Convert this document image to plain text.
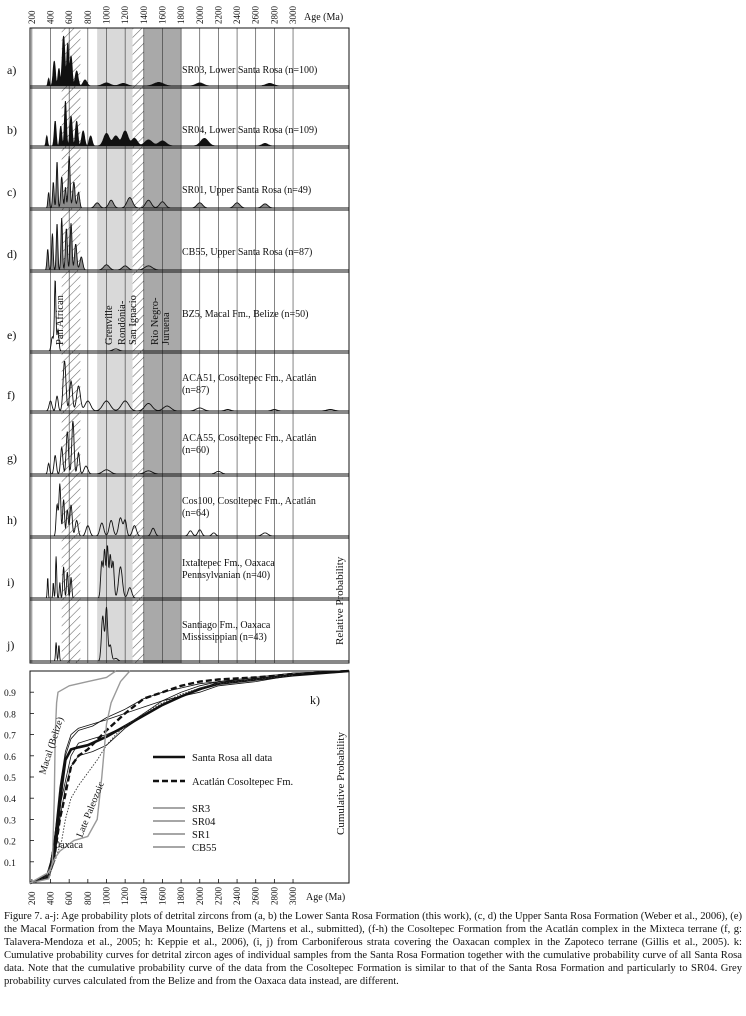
200 400 600 800 1000 1200 1400 1600 1800 2000 2200 2400 2600 2800 3000 Age (Ma)
Pan African	Grenville Rondônia- San Ignacio Rio Negro- Juruena
a)	SR03, Lower Santa Rosa (n=100)
b)	SR04, Lower Santa Rosa (n=109)
c)	SR01, Upper Santa Rosa (n=49)
d)	CB55, Upper Santa Rosa (n=87)
e)
BZ5, Macal Fm., Belize (n=50)
f)
ACA51, Cosoltepec Fm., Acatlán
(n=87)
g)
ACA55, Cosoltepec Fm., Acatlán
(n=60)
h)
Cos100, Cosoltepec Fm., Acatlán
(n=64)
i)
Ixtaltepec Fm., Oaxaca
Pennsylvanian (n=40)
j)
Santiago Fm., Oaxaca
Mississippian (n=43)	Relative Probability
0.1
0.2
0.3
0.4
0.5
0.6
0.7
0.8
0.9
200 400 600 800 1000 1200 1400 1600 1800 2000 2200 2400 2600 2800 3000 Age (Ma)
k)
Macal (Belize)
Late Paleozoic
Oaxaca
Santa Rosa all data
Acatlán Cosoltepec Fm.
SR3
SR04
SR1
CB55
Cumulative Probability

Figure 7. a-j: Age probability plots of detrital zircons from (a, b) the Lower Santa Rosa Formation (this work), (c, d) the Upper Santa Rosa Formation (Weber et al., 2006), (e) the Macal Formation from the Maya Mountains, Belize (Martens et al., submitted), (f-h) the Cosoltepec Formation from the Acatlán complex in the Mixteca terrane (f, g: Talavera-Mendoza et al., 2005; h: Keppie et al., 2006), (i, j) from Carboniferous strata covering the Oaxacan complex in the Zapoteco terrane (Gillis et al., 2005). k: Cumulative probability curves for detrital zircon ages of individual samples from the Santa Rosa Formation together with the cumulative probability curve of all Santa Rosa data. Note that the cumulative probability curve of the data from the Cosoltepec Formation is similar to that of the Santa Rosa Formation and particularly to SR04. Grey probability curves calculated from the Belize and from the Oaxaca data instead, are different.
